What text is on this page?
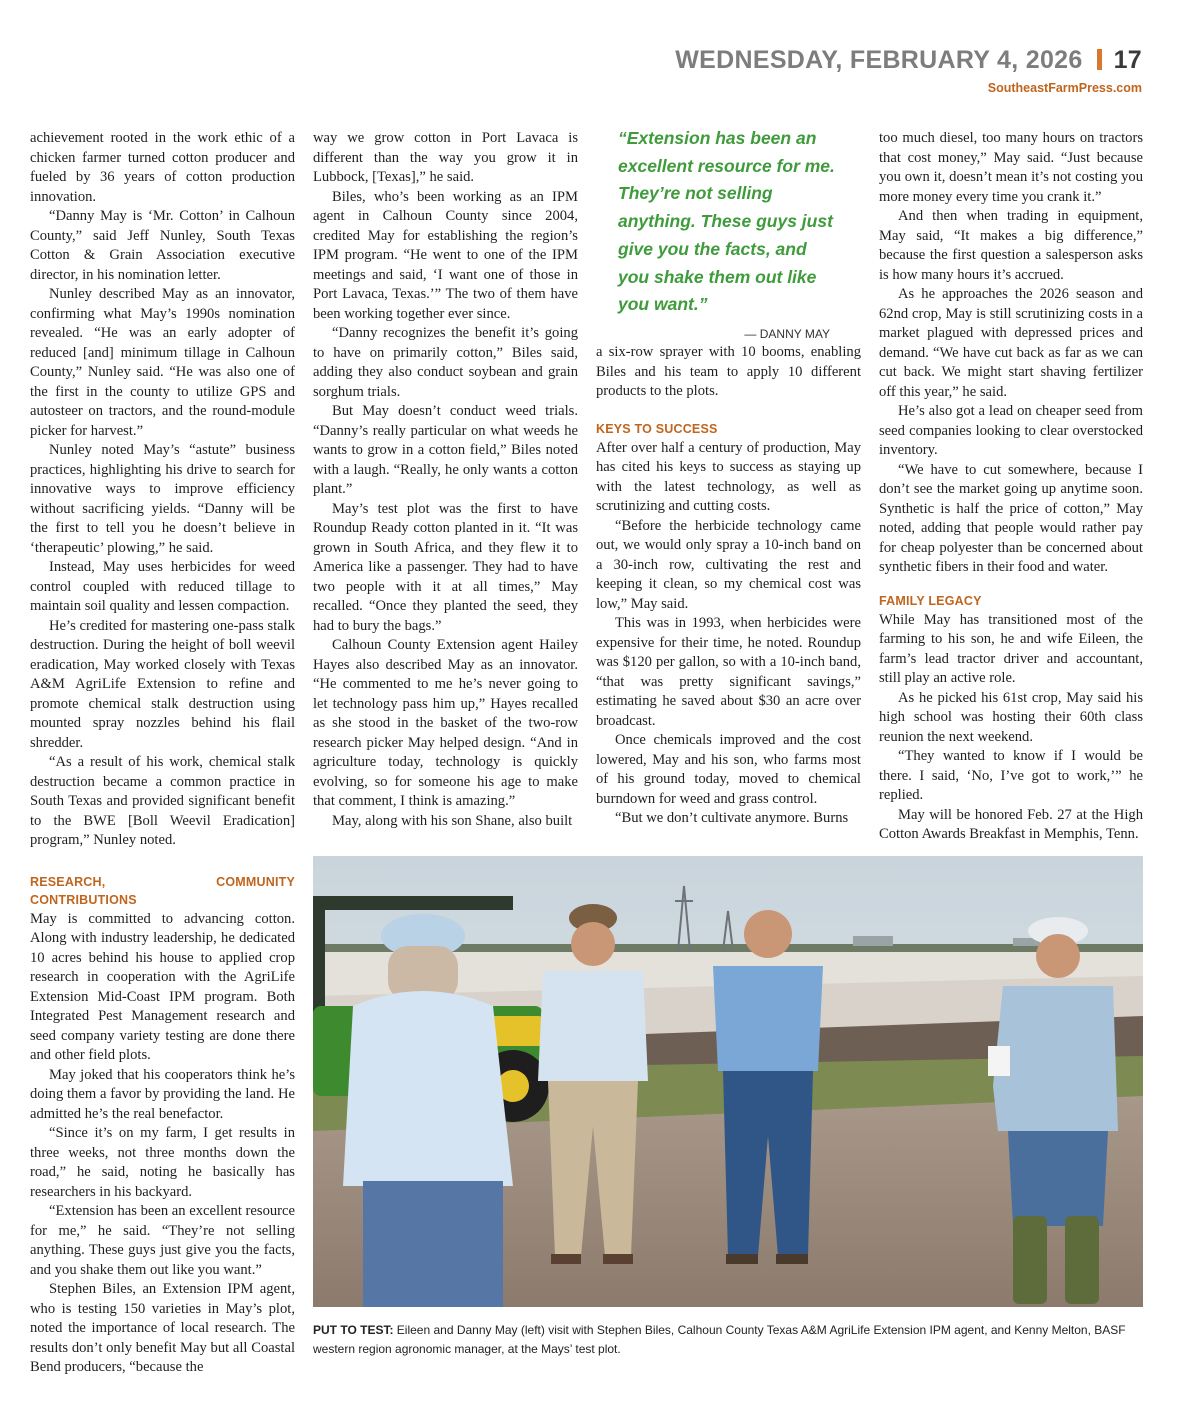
WEDNESDAY, FEBRUARY 4, 2026 17
SoutheastFarmPress.com

achievement rooted in the work ethic of a chicken farmer turned cotton producer and fueled by 36 years of cotton production innovation.

“Danny May is ‘Mr. Cotton’ in Calhoun County,” said Jeff Nunley, South Texas Cotton & Grain Association executive director, in his nomination letter.

Nunley described May as an innovator, confirming what May’s 1990s nomination revealed. “He was an early adopter of reduced [and] minimum tillage in Calhoun County,” Nunley said. “He was also one of the first in the county to utilize GPS and autosteer on tractors, and the round-module picker for harvest.”

Nunley noted May’s “astute” business practices, highlighting his drive to search for innovative ways to improve efficiency without sacrificing yields. “Danny will be the first to tell you he doesn’t believe in ‘therapeutic’ plowing,” he said.

Instead, May uses herbicides for weed control coupled with reduced tillage to maintain soil quality and lessen compaction.

He’s credited for mastering one-pass stalk destruction. During the height of boll weevil eradication, May worked closely with Texas A&M AgriLife Extension to refine and promote chemical stalk destruction using mounted spray nozzles behind his flail shredder.

“As a result of his work, chemical stalk destruction became a common practice in South Texas and provided significant benefit to the BWE [Boll Weevil Eradication] program,” Nunley noted.

RESEARCH, COMMUNITY CONTRIBUTIONS

May is committed to advancing cotton. Along with industry leadership, he dedicated 10 acres behind his house to applied crop research in cooperation with the AgriLife Extension Mid-Coast IPM program. Both Integrated Pest Management research and seed company variety testing are done there and other field plots.

May joked that his cooperators think he’s doing them a favor by providing the land. He admitted he’s the real benefactor.

“Since it’s on my farm, I get results in three weeks, not three months down the road,” he said, noting he basically has researchers in his backyard.

“Extension has been an excellent resource for me,” he said. “They’re not selling anything. These guys just give you the facts, and you shake them out like you want.”

Stephen Biles, an Extension IPM agent, who is testing 150 varieties in May’s plot, noted the importance of local research. The results don’t only benefit May but all Coastal Bend producers, “because the

way we grow cotton in Port Lavaca is different than the way you grow it in Lubbock, [Texas],” he said.

Biles, who’s been working as an IPM agent in Calhoun County since 2004, credited May for establishing the region’s IPM program. “He went to one of the IPM meetings and said, ‘I want one of those in Port Lavaca, Texas.’” The two of them have been working together ever since.

“Danny recognizes the benefit it’s going to have on primarily cotton,” Biles said, adding they also conduct soybean and grain sorghum trials.

But May doesn’t conduct weed trials. “Danny’s really particular on what weeds he wants to grow in a cotton field,” Biles noted with a laugh. “Really, he only wants a cotton plant.”

May’s test plot was the first to have Roundup Ready cotton planted in it. “It was grown in South Africa, and they flew it to America like a passenger. They had to have two people with it at all times,” May recalled. “Once they planted the seed, they had to bury the bags.”

Calhoun County Extension agent Hailey Hayes also described May as an innovator. “He commented to me he’s never going to let technology pass him up,” Hayes recalled as she stood in the basket of the two-row research picker May helped design. “And in agriculture today, technology is quickly evolving, so for someone his age to make that comment, I think is amazing.”

May, along with his son Shane, also built

“Extension has been an excellent resource for me. They’re not selling anything. These guys just give you the facts, and you shake them out like you want.”
— DANNY MAY

a six-row sprayer with 10 booms, enabling Biles and his team to apply 10 different products to the plots.

KEYS TO SUCCESS

After over half a century of production, May has cited his keys to success as staying up with the latest technology, as well as scrutinizing and cutting costs.

“Before the herbicide technology came out, we would only spray a 10-inch band on a 30-inch row, cultivating the rest and keeping it clean, so my chemical cost was low,” May said.

This was in 1993, when herbicides were expensive for their time, he noted. Roundup was $120 per gallon, so with a 10-inch band, “that was pretty significant savings,” estimating he saved about $30 an acre over broadcast.

Once chemicals improved and the cost lowered, May and his son, who farms most of his ground today, moved to chemical burndown for weed and grass control.

“But we don’t cultivate anymore. Burns

too much diesel, too many hours on tractors that cost money,” May said. “Just because you own it, doesn’t mean it’s not costing you more money every time you crank it.”

And then when trading in equipment, May said, “It makes a big difference,” because the first question a salesperson asks is how many hours it’s accrued.

As he approaches the 2026 season and 62nd crop, May is still scrutinizing costs in a market plagued with depressed prices and demand. “We have cut back as far as we can cut back. We might start shaving fertilizer off this year,” he said.

He’s also got a lead on cheaper seed from seed companies looking to clear overstocked inventory.

“We have to cut somewhere, because I don’t see the market going up anytime soon. Synthetic is half the price of cotton,” May noted, adding that people would rather pay for cheap polyester than be concerned about synthetic fibers in their food and water.

FAMILY LEGACY

While May has transitioned most of the farming to his son, he and wife Eileen, the farm’s lead tractor driver and accountant, still play an active role.

As he picked his 61st crop, May said his high school was hosting their 60th class reunion the next weekend.

“They wanted to know if I would be there. I said, ‘No, I’ve got to work,’” he replied.

May will be honored Feb. 27 at the High Cotton Awards Breakfast in Memphis, Tenn.

PUT TO TEST: Eileen and Danny May (left) visit with Stephen Biles, Calhoun County Texas A&M AgriLife Extension IPM agent, and Kenny Melton, BASF western region agronomic manager, at the Mays’ test plot.
